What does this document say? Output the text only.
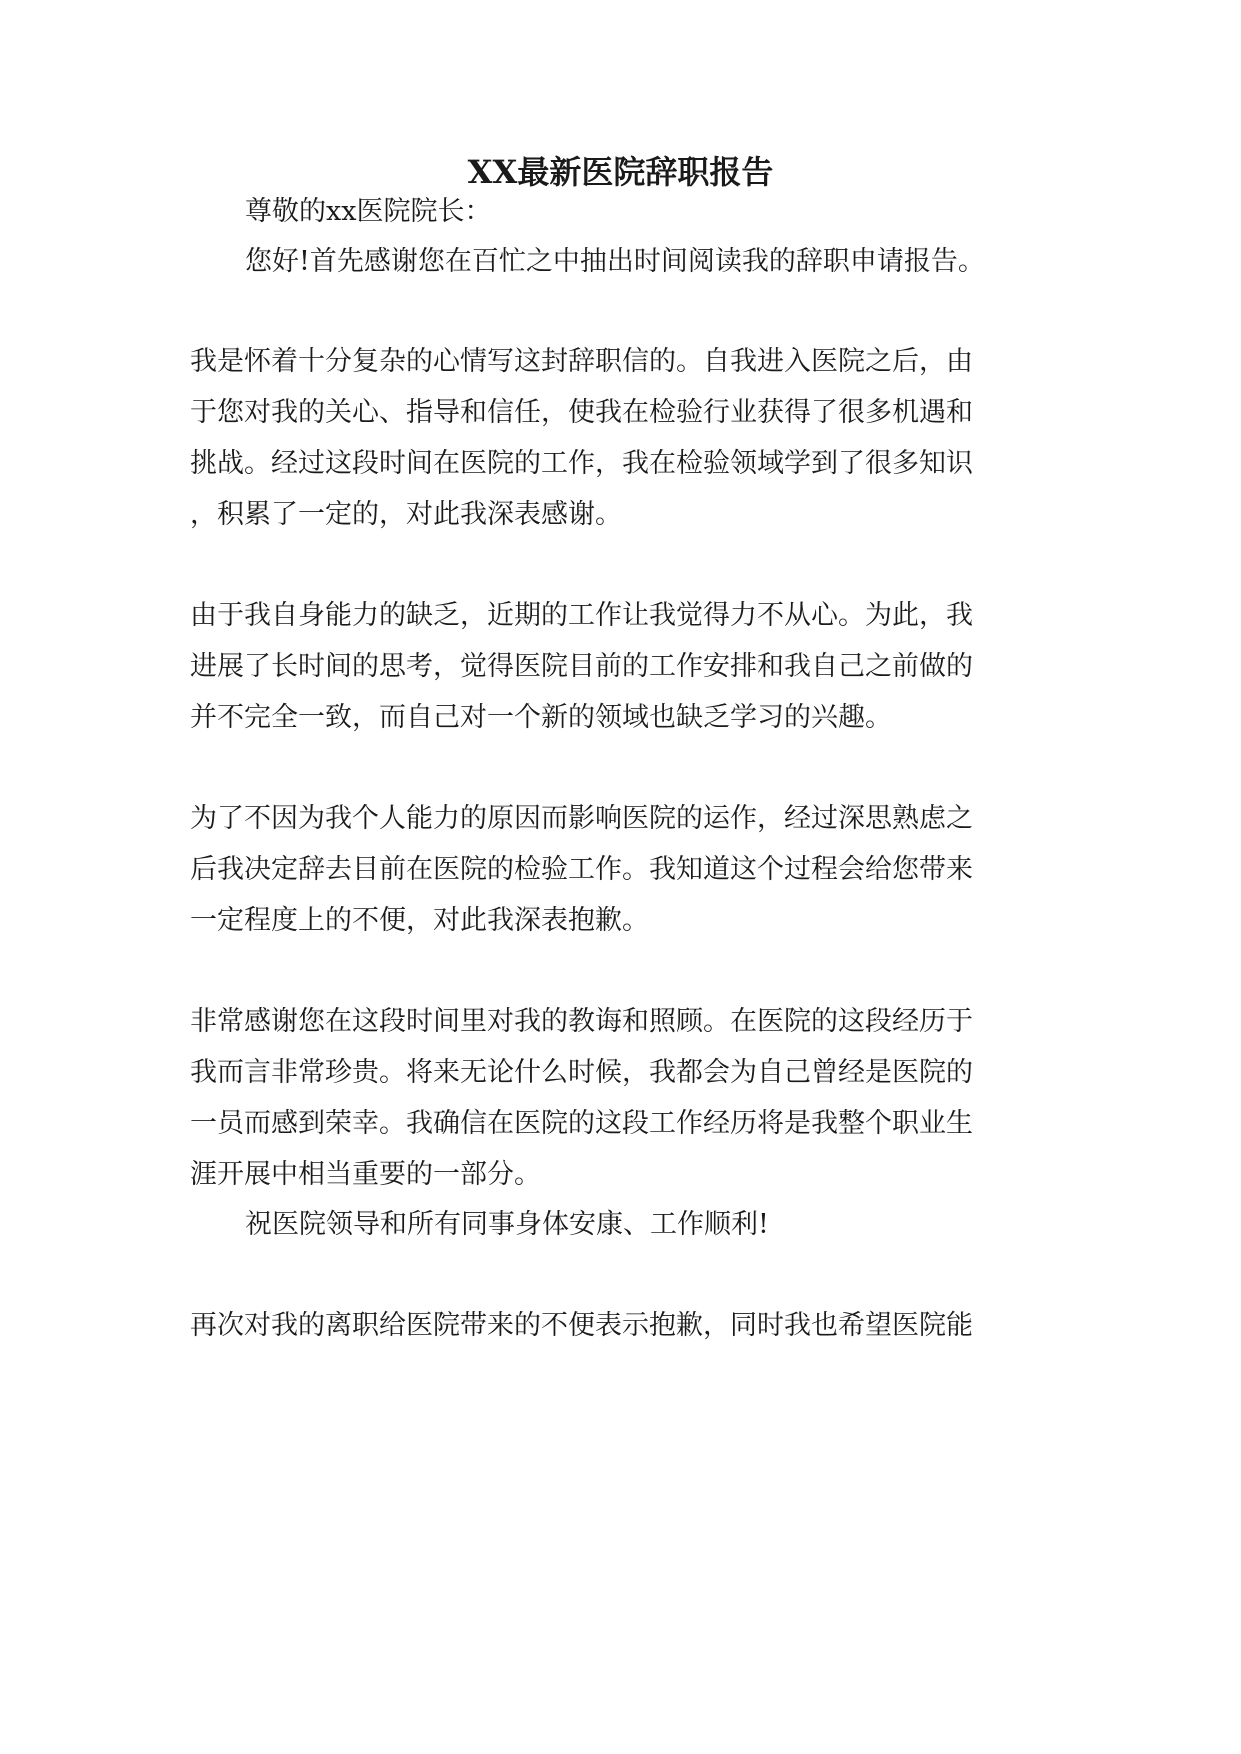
XX最新医院辞职报告
尊敬的xx医院院长：
您好!首先感谢您在百忙之中抽出时间阅读我的辞职申请报告。
我是怀着十分复杂的心情写这封辞职信的。自我进入医院之后，由
于您对我的关心、指导和信任，使我在检验行业获得了很多机遇和
挑战。经过这段时间在医院的工作，我在检验领域学到了很多知识
，积累了一定的，对此我深表感谢。
由于我自身能力的缺乏，近期的工作让我觉得力不从心。为此，我
进展了长时间的思考，觉得医院目前的工作安排和我自己之前做的
并不完全一致，而自己对一个新的领域也缺乏学习的兴趣。
为了不因为我个人能力的原因而影响医院的运作，经过深思熟虑之
后我决定辞去目前在医院的检验工作。我知道这个过程会给您带来
一定程度上的不便，对此我深表抱歉。
非常感谢您在这段时间里对我的教诲和照顾。在医院的这段经历于
我而言非常珍贵。将来无论什么时候，我都会为自己曾经是医院的
一员而感到荣幸。我确信在医院的这段工作经历将是我整个职业生
涯开展中相当重要的一部分。
祝医院领导和所有同事身体安康、工作顺利!
再次对我的离职给医院带来的不便表示抱歉，同时我也希望医院能
